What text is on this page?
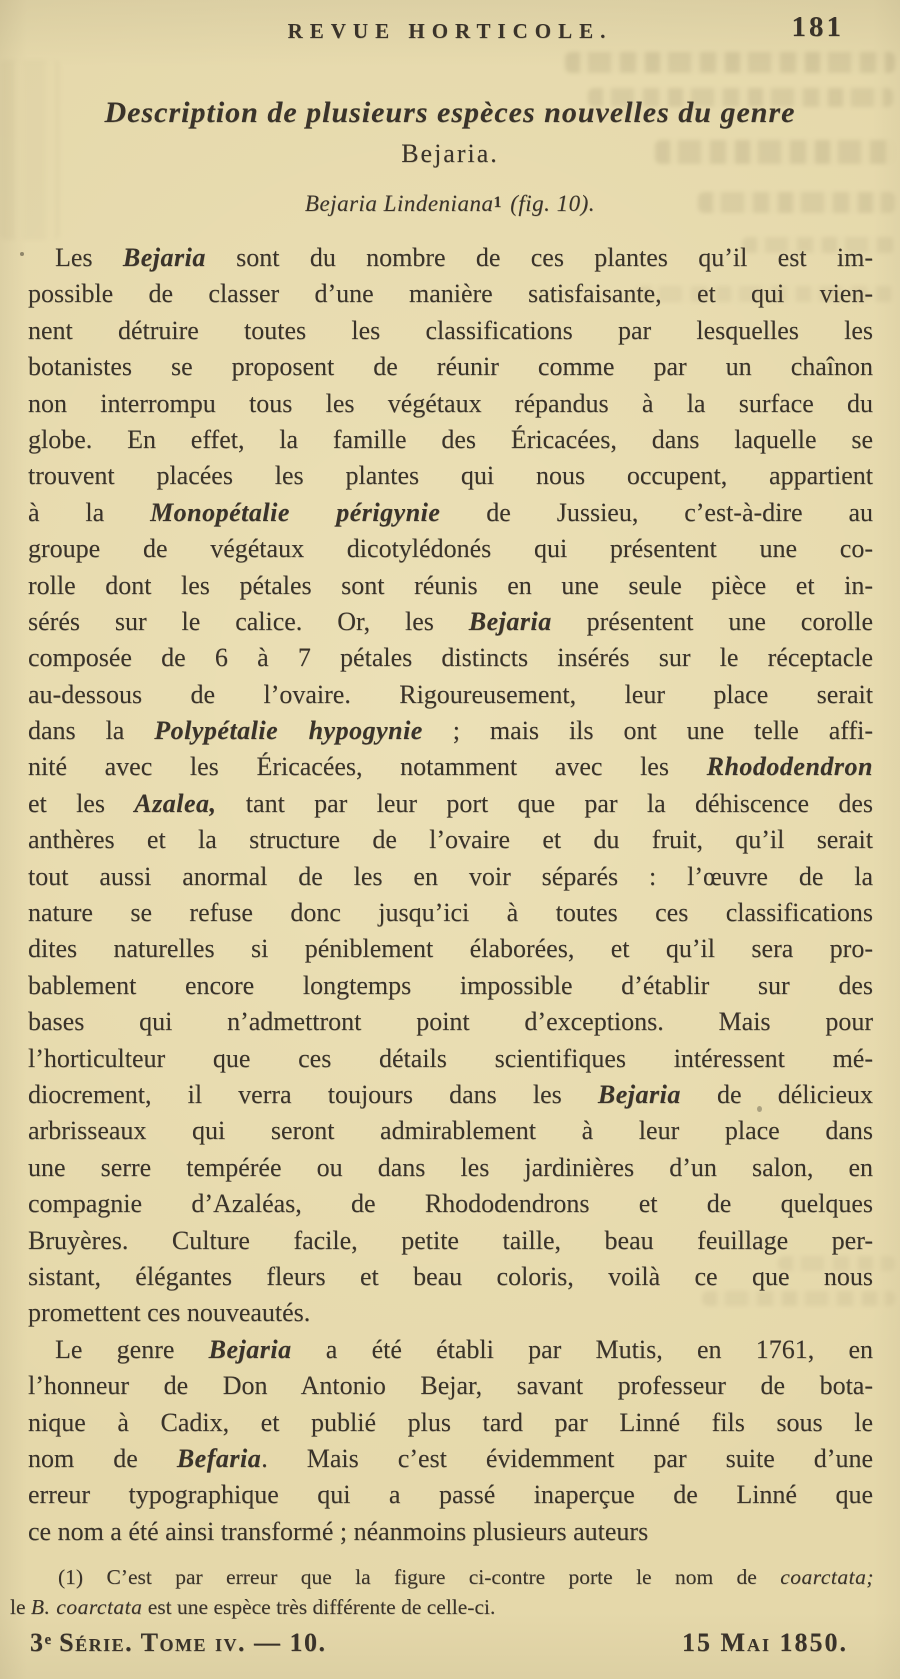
REVUE HORTICOLE.	181
Description de plusieurs espèces nouvelles du genre
Bejaria.
Bejaria Lindeniana$^1$ (fig. 10).
Les Bejaria sont du nombre de ces plantes qu’il est im-
possible de classer d’une manière satisfaisante, et qui vien-
nent détruire toutes les classifications par lesquelles les
botanistes se proposent de réunir comme par un chaînon
non interrompu tous les végétaux répandus à la surface du
globe. En effet, la famille des Éricacées, dans laquelle se
trouvent placées les plantes qui nous occupent, appartient
à la Monopétalie périgynie de Jussieu, c’est-à-dire au
groupe de végétaux dicotylédonés qui présentent une co-
rolle dont les pétales sont réunis en une seule pièce et in-
sérés sur le calice. Or, les Bejaria présentent une corolle
composée de 6 à 7 pétales distincts insérés sur le réceptacle
au-dessous de l’ovaire. Rigoureusement, leur place serait
dans la Polypétalie hypogynie ; mais ils ont une telle affi-
nité avec les Éricacées, notamment avec les Rhododendron
et les Azalea, tant par leur port que par la déhiscence des
anthères et la structure de l’ovaire et du fruit, qu’il serait
tout aussi anormal de les en voir séparés : l’œuvre de la
nature se refuse donc jusqu’ici à toutes ces classifications
dites naturelles si péniblement élaborées, et qu’il sera pro-
bablement encore longtemps impossible d’établir sur des
bases qui n’admettront point d’exceptions. Mais pour
l’horticulteur que ces détails scientifiques intéressent mé-
diocrement, il verra toujours dans les Bejaria de délicieux
arbrisseaux qui seront admirablement à leur place dans
une serre tempérée ou dans les jardinières d’un salon, en
compagnie d’Azaléas, de Rhododendrons et de quelques
Bruyères. Culture facile, petite taille, beau feuillage per-
sistant, élégantes fleurs et beau coloris, voilà ce que nous
promettent ces nouveautés.
Le genre Bejaria a été établi par Mutis, en 1761, en
l’honneur de Don Antonio Bejar, savant professeur de bota-
nique à Cadix, et publié plus tard par Linné fils sous le
nom de Befaria. Mais c’est évidemment par suite d’une
erreur typographique qui a passé inaperçue de Linné que
ce nom a été ainsi transformé ; néanmoins plusieurs auteurs
(1) C’est par erreur que la figure ci-contre porte le nom de coarctata;
le B. coarctata est une espèce très différente de celle-ci.
3e Série. Tome iv. — 10.	15 Mai 1850.
